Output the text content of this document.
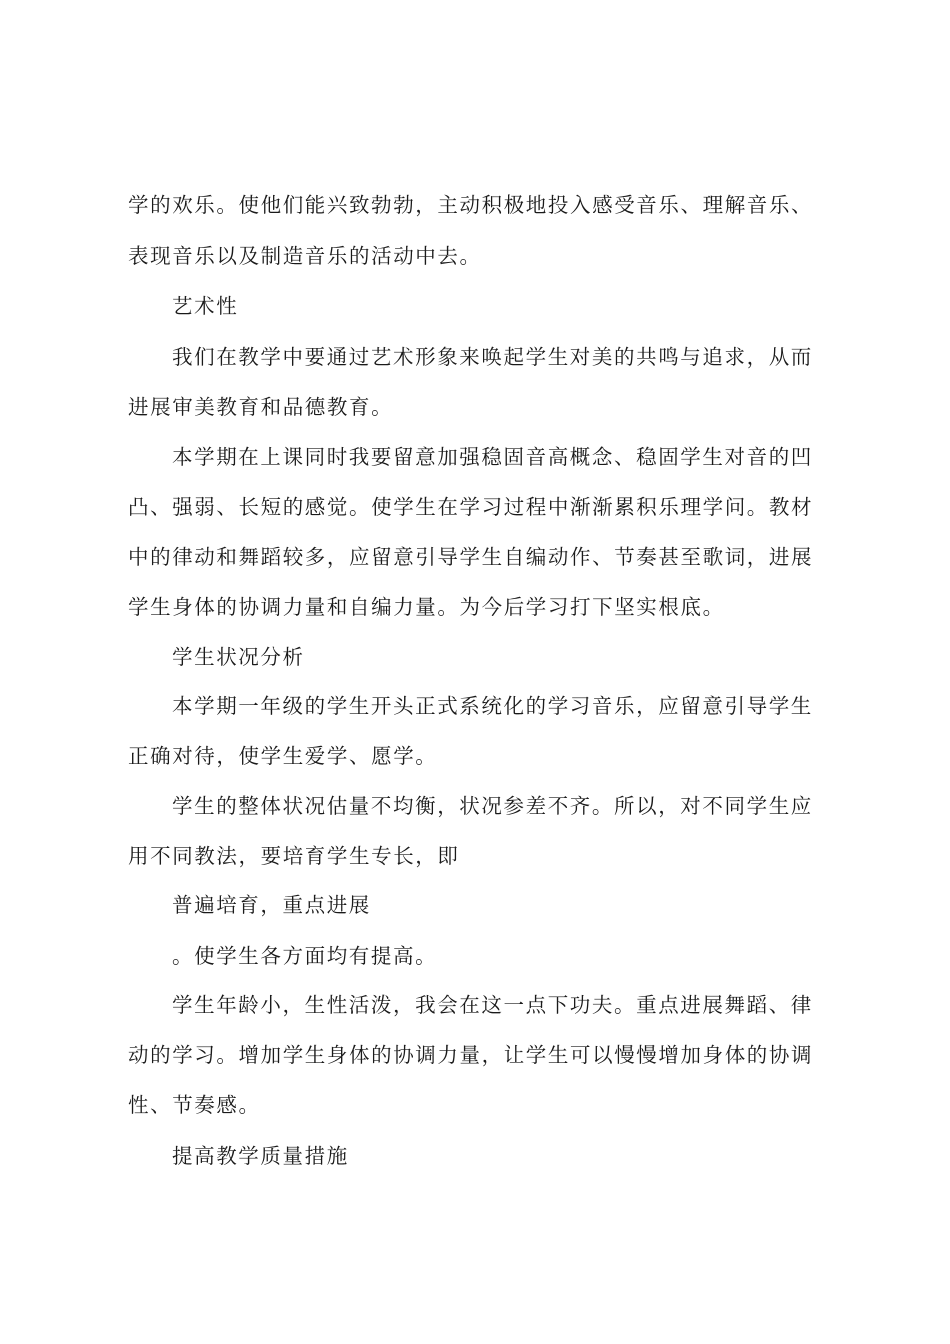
学的欢乐。使他们能兴致勃勃，主动积极地投入感受音乐、理解音乐、
表现音乐以及制造音乐的活动中去。
艺术性
我们在教学中要通过艺术形象来唤起学生对美的共鸣与追求，从而
进展审美教育和品德教育。
本学期在上课同时我要留意加强稳固音高概念、稳固学生对音的凹
凸、强弱、长短的感觉。使学生在学习过程中渐渐累积乐理学问。教材
中的律动和舞蹈较多，应留意引导学生自编动作、节奏甚至歌词，进展
学生身体的协调力量和自编力量。为今后学习打下坚实根底。
学生状况分析
本学期一年级的学生开头正式系统化的学习音乐，应留意引导学生
正确对待，使学生爱学、愿学。
学生的整体状况估量不均衡，状况参差不齐。所以，对不同学生应
用不同教法，要培育学生专长，即
普遍培育，重点进展
。使学生各方面均有提高。
学生年龄小，生性活泼，我会在这一点下功夫。重点进展舞蹈、律
动的学习。增加学生身体的协调力量，让学生可以慢慢增加身体的协调
性、节奏感。
提高教学质量措施
